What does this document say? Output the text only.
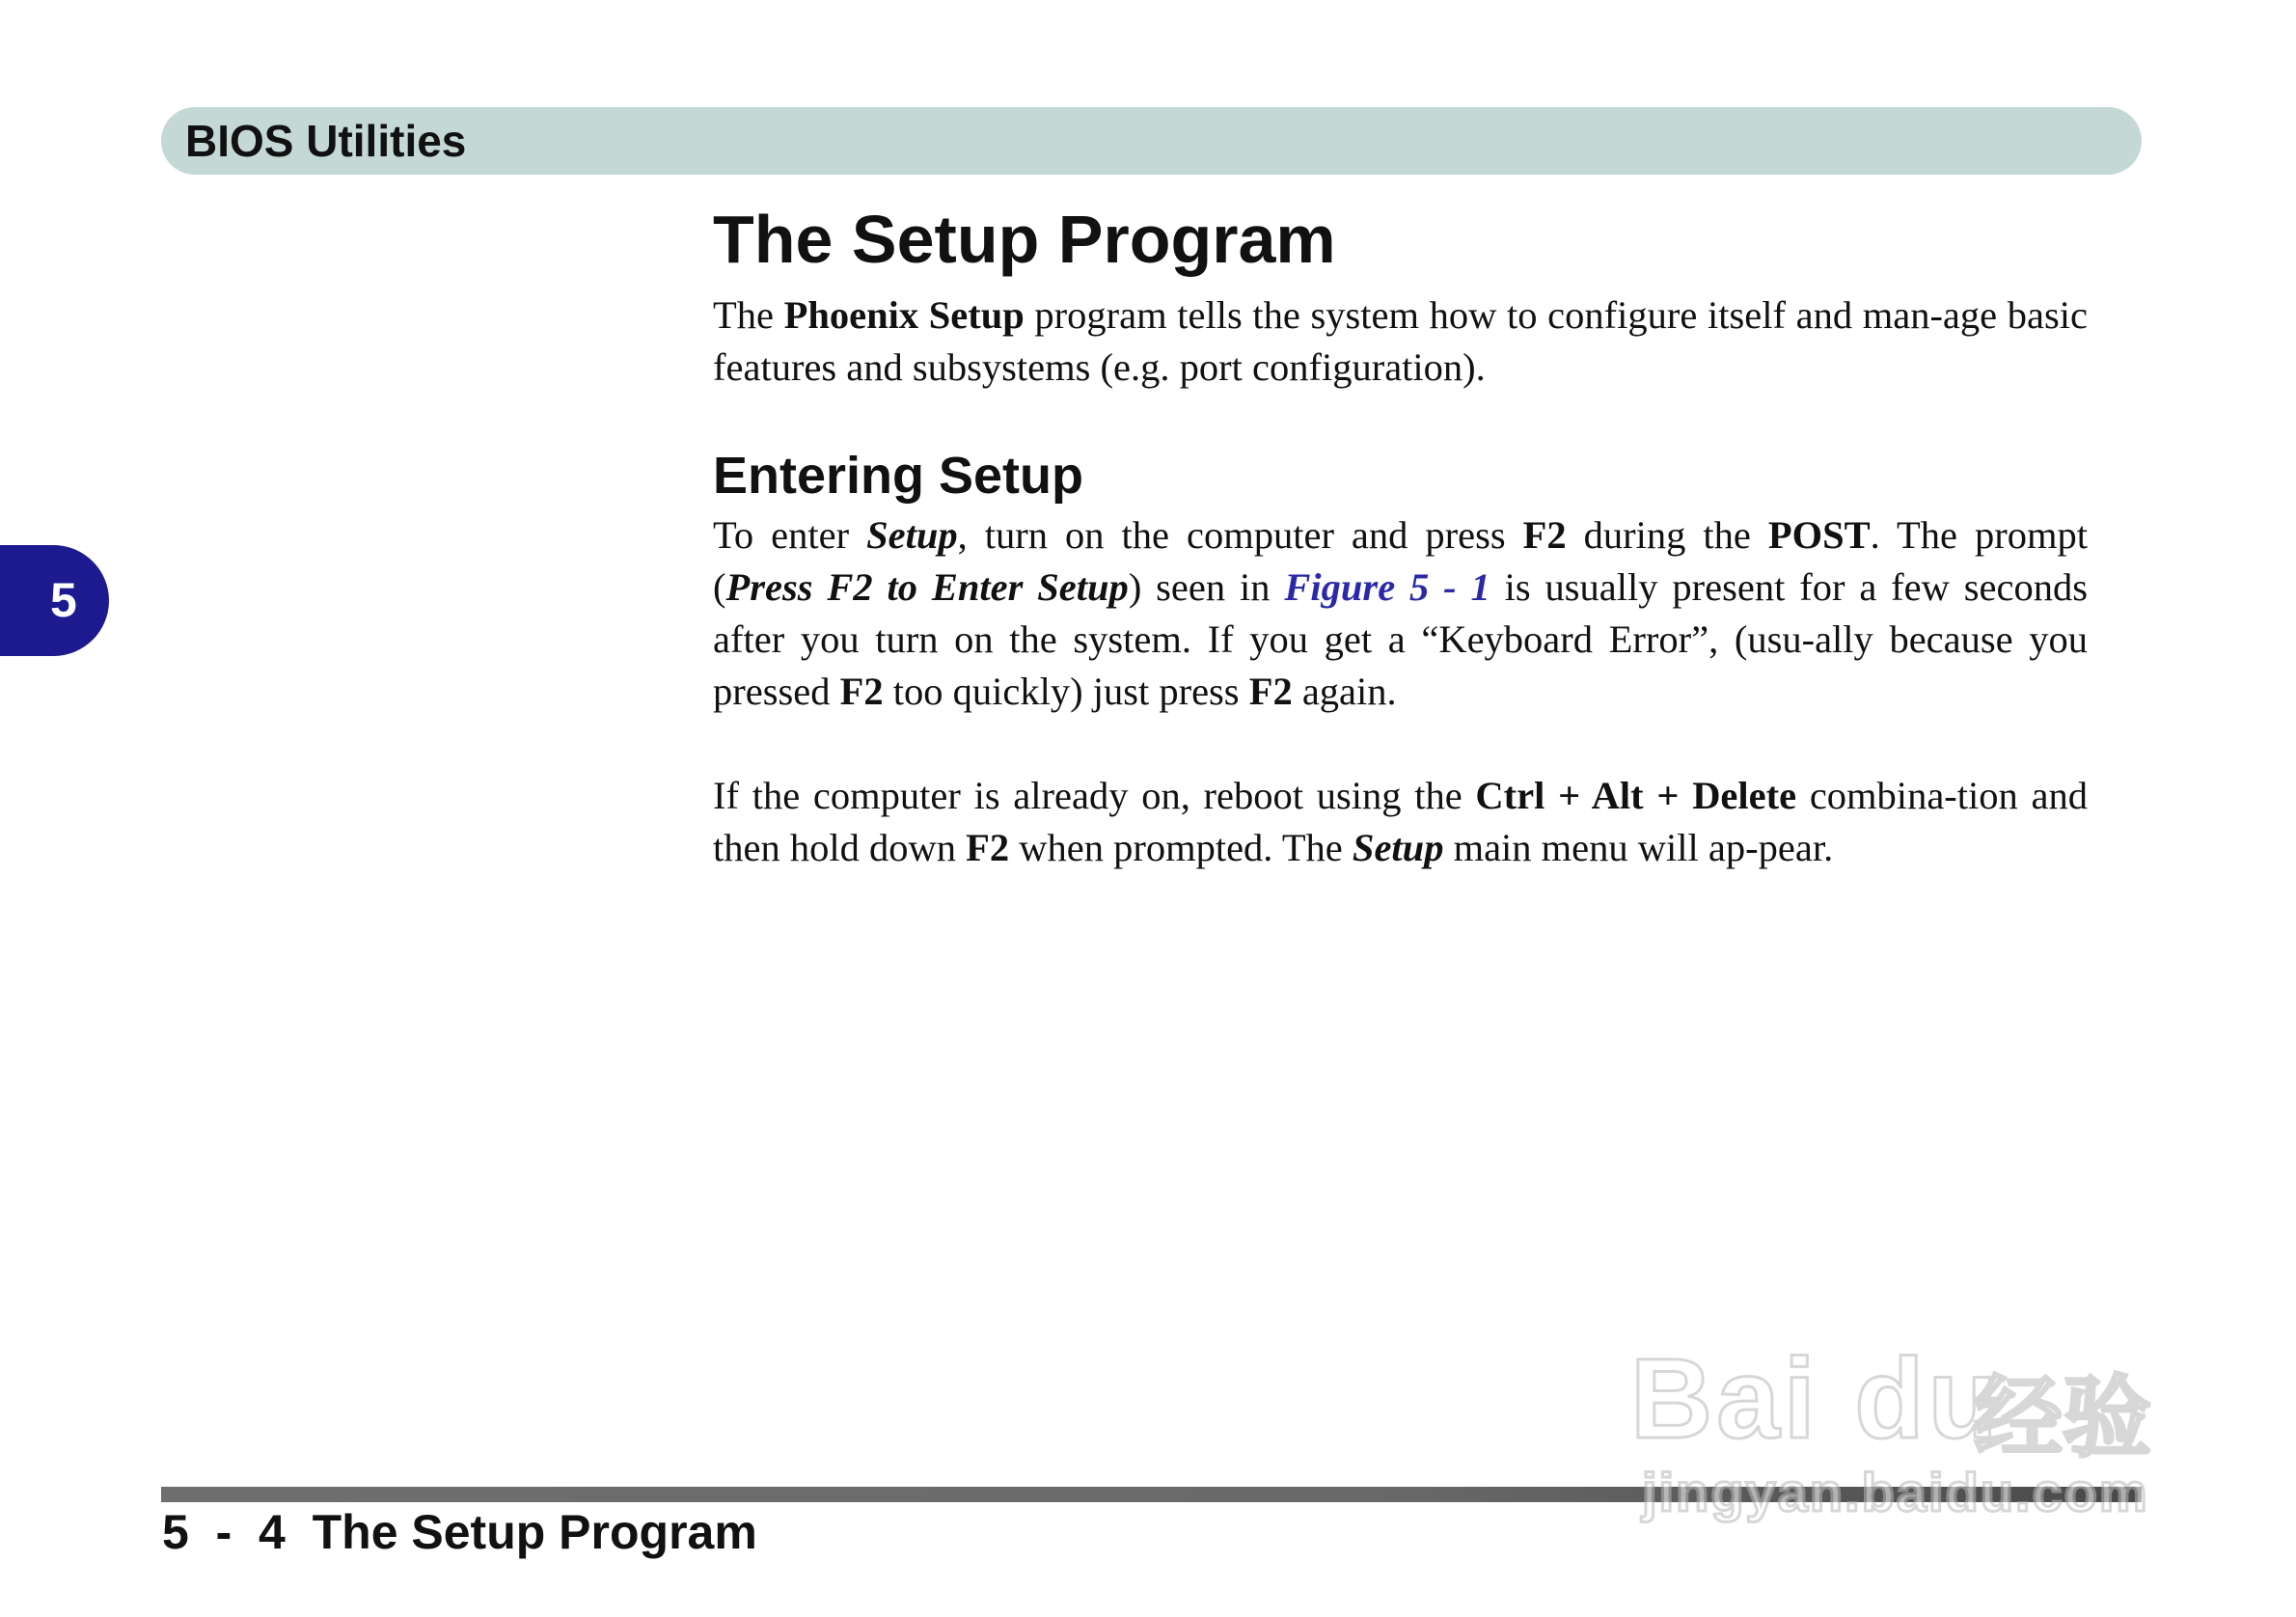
BIOS Utilities
5
The Setup Program

The Phoenix Setup program tells the system how to configure itself and man-age basic features and subsystems (e.g. port configuration).

Entering Setup

To enter Setup, turn on the computer and press F2 during the POST. The prompt (Press F2 to Enter Setup) seen in Figure 5 - 1 is usually present for a few seconds after you turn on the system. If you get a “Keyboard Error”, (usu-ally because you pressed F2 too quickly) just press F2 again.

If the computer is already on, reboot using the Ctrl + Alt + Delete combina-tion and then hold down F2 when prompted. The Setup main menu will ap-pear.

5  -  4  The Setup Program
Bai du
经验
jingyan.baidu.com
